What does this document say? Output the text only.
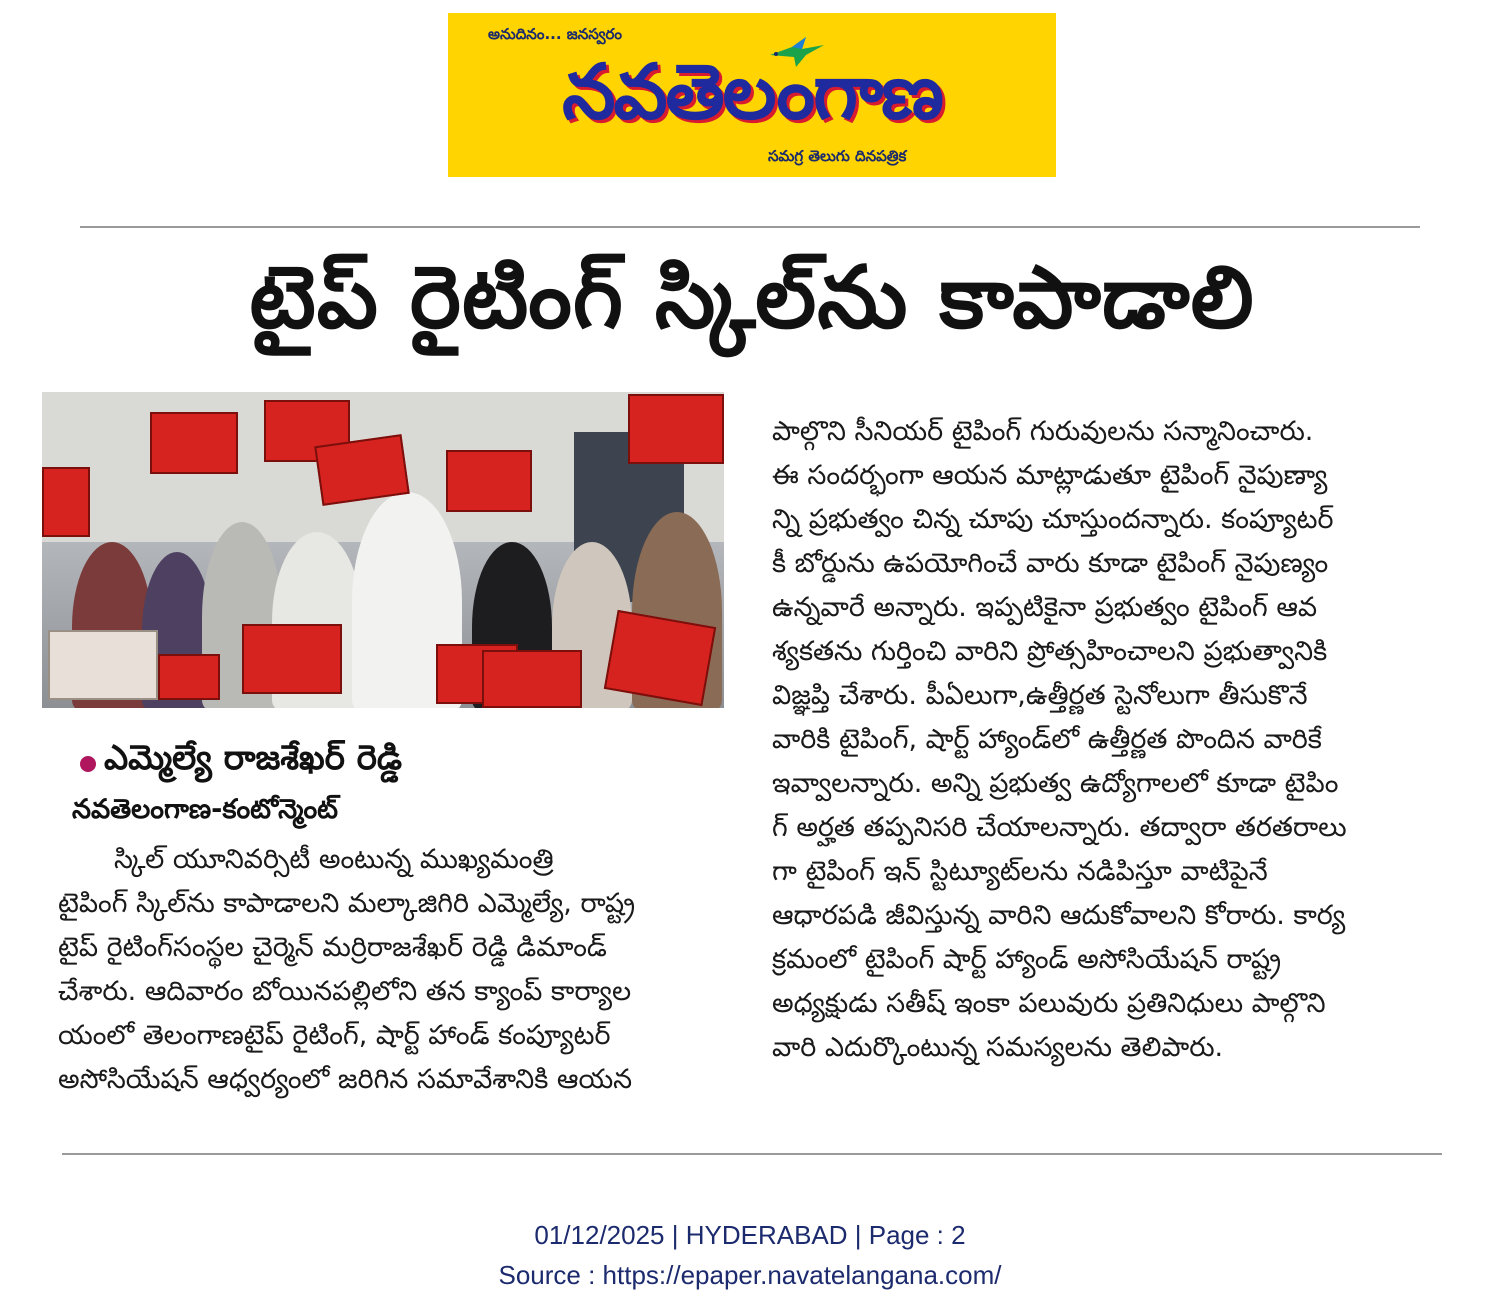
అనుదినం... జనస్వరం
నవతెలంగాణ
సమగ్ర తెలుగు దినపత్రిక
టైప్ రైటింగ్ స్కిల్‌ను కాపాడాలి
ఎమ్మెల్యే రాజశేఖర్ రెడ్డి
నవతెలంగాణ-కంటోన్మెంట్
స్కిల్ యూనివర్సిటీ అంటున్న ముఖ్యమంత్రి
టైపింగ్ స్కిల్‌ను కాపాడాలని మల్కాజిగిరి ఎమ్మెల్యే, రాష్ట్ర
టైప్ రైటింగ్‌సంస్థల చైర్మెన్ మర్రిరాజశేఖర్ రెడ్డి డిమాండ్
చేశారు. ఆదివారం బోయినపల్లిలోని తన క్యాంప్ కార్యాల
యంలో తెలంగాణటైప్ రైటింగ్, షార్ట్ హాండ్ కంప్యూటర్
అసోసియేషన్ ఆధ్వర్యంలో జరిగిన సమావేశానికి ఆయన
పాల్గొని సీనియర్ టైపింగ్ గురువులను సన్మానించారు.
ఈ సందర్భంగా ఆయన మాట్లాడుతూ టైపింగ్ నైపుణ్యా
న్ని ప్రభుత్వం చిన్న చూపు చూస్తుందన్నారు. కంప్యూటర్
కీ బోర్డును ఉపయోగించే వారు కూడా టైపింగ్ నైపుణ్యం
ఉన్నవారే అన్నారు. ఇప్పటికైనా ప్రభుత్వం టైపింగ్ ఆవ
శ్యకతను గుర్తించి వారిని ప్రోత్సహించాలని ప్రభుత్వానికి
విజ్ఞప్తి చేశారు. పీఏలుగా,ఉత్తీర్ణత స్టెనోలుగా తీసుకొనే
వారికి టైపింగ్, షార్ట్ హ్యాండ్‌లో ఉత్తీర్ణత పొందిన వారికే
ఇవ్వాలన్నారు. అన్ని ప్రభుత్వ ఉద్యోగాలలో కూడా టైపిం
గ్ అర్హత తప్పనిసరి చేయాలన్నారు. తద్వారా తరతరాలు
గా టైపింగ్ ఇన్ స్టిట్యూట్‌లను నడిపిస్తూ వాటిపైనే
ఆధారపడి జీవిస్తున్న వారిని ఆదుకోవాలని కోరారు. కార్య
క్రమంలో టైపింగ్ షార్ట్ హ్యాండ్ అసోసియేషన్ రాష్ట్ర
అధ్యక్షుడు సతీష్ ఇంకా పలువురు ప్రతినిధులు పాల్గొని
వారి ఎదుర్కొంటున్న సమస్యలను తెలిపారు.
01/12/2025 | HYDERABAD | Page : 2
Source : https://epaper.navatelangana.com/
